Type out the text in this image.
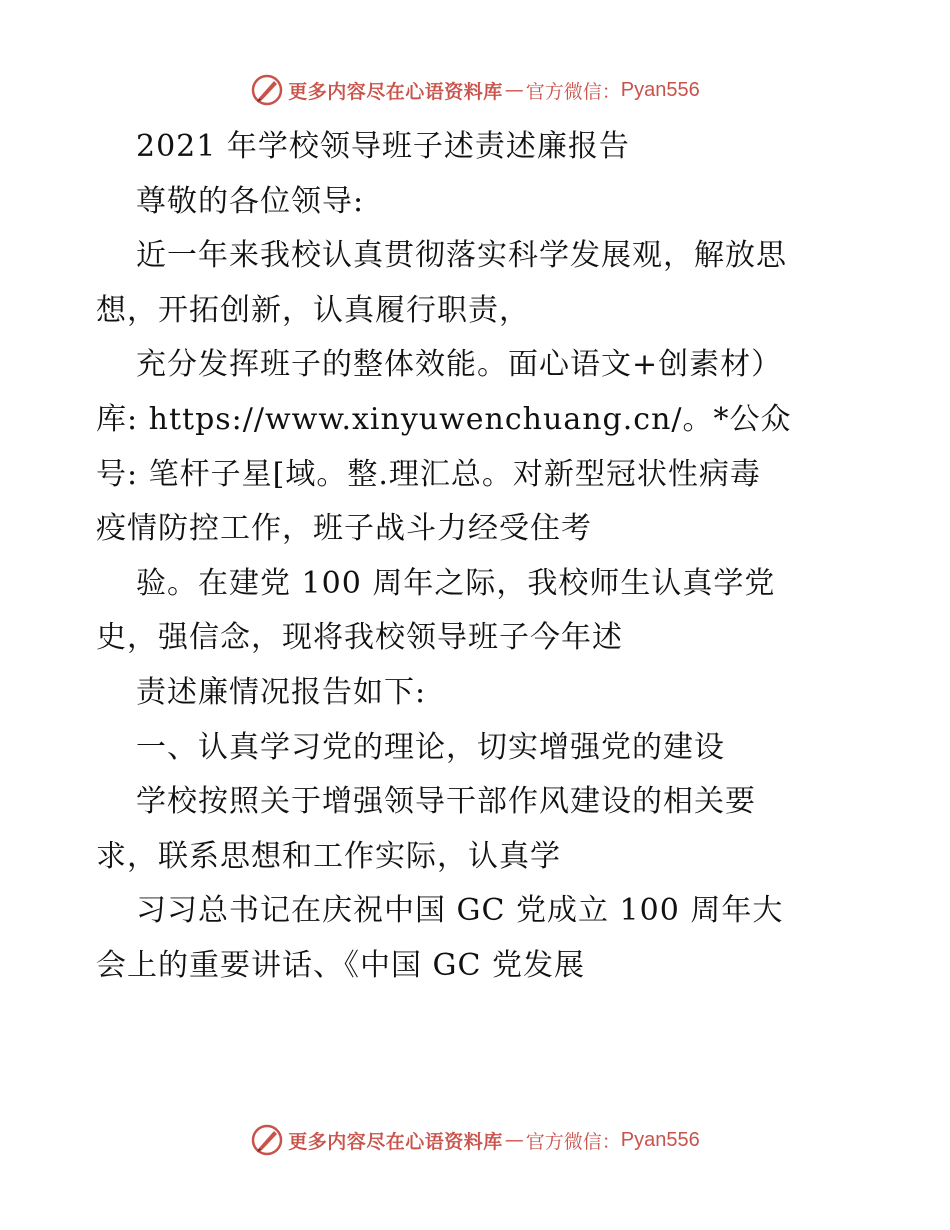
更多内容尽在心语资料库 — 官方微信： Pyan556
2021 年学校领导班子述责述廉报告
尊敬的各位领导:
近一年来我校认真贯彻落实科学发展观，解放思
想，开拓创新，认真履行职责，
充分发挥班子的整体效能。面心语文+创素材）
库: https://www.xinyuwenchuang.cn/。*公众
号: 笔杆子星[域。整.理汇总。对新型冠状性病毒
疫情防控工作，班子战斗力经受住考
验。在建党 100 周年之际，我校师生认真学党
史，强信念，现将我校领导班子今年述
责述廉情况报告如下:
一、认真学习党的理论，切实增强党的建设
学校按照关于增强领导干部作风建设的相关要
求，联系思想和工作实际，认真学
习习总书记在庆祝中国 GC 党成立 100 周年大
会上的重要讲话、《中国 GC 党发展
更多内容尽在心语资料库 — 官方微信： Pyan556
